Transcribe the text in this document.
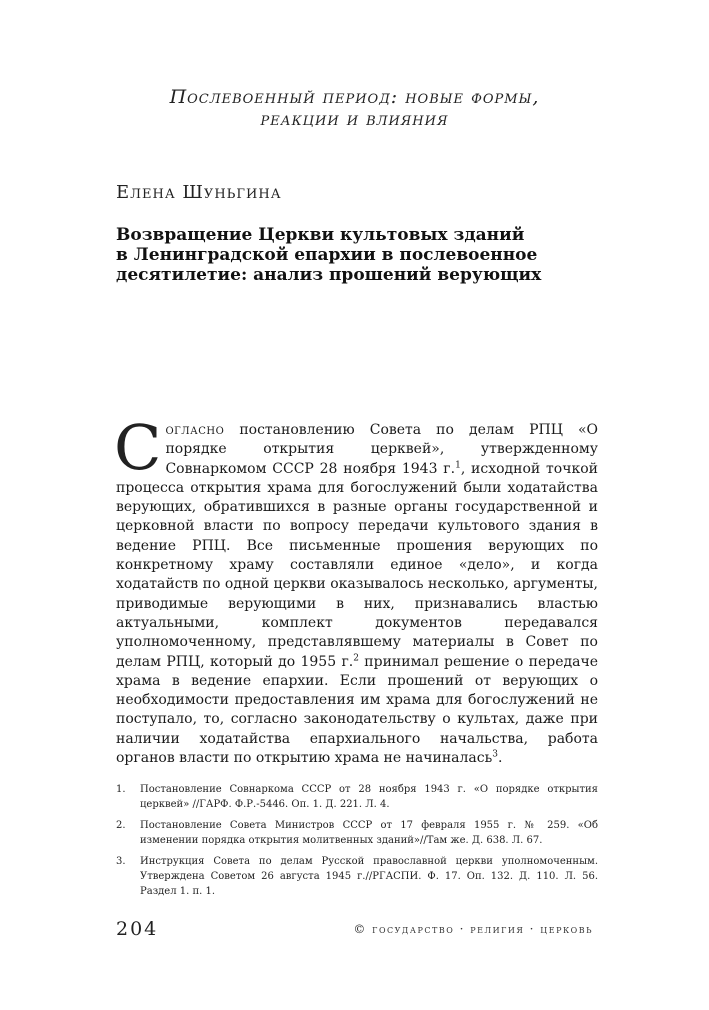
Послевоенный период: новые формы,
реакции и влияния
Елена Шуньгина
Возвращение Церкви культовых зданий
в Ленинградской епархии в послевоенное
десятилетие: анализ прошений верующих
Согласно постановлению Совета по делам РПЦ «О порядке открытия церквей», утвержденному Совнаркомом СССР 28 ноября 1943 г.$^1$, исходной точкой процесса открытия храма для богослужений были ходатайства верующих, обратившихся в разные органы государственной и церковной власти по вопросу передачи культового здания в ведение РПЦ. Все письменные прошения верующих по конкретному храму составляли единое «дело», и когда ходатайств по одной церкви оказывалось несколько, аргументы, приводимые верующими в них, признавались властью актуальными, комплект документов передавался уполномоченному, представлявшему материалы в Совет по делам РПЦ, который до 1955 г.$^2$ принимал решение о передаче храма в ведение епархии. Если прошений от верующих о необходимости предоставления им храма для богослужений не поступало, то, согласно законодательству о культах, даже при наличии ходатайства епархиального начальства, работа органов власти по открытию храма не начиналась$^3$.
1.	Постановление Совнаркома СССР от 28 ноября 1943 г. «О порядке открытия церквей» //ГАРФ. Ф.Р.-5446. Оп. 1. Д. 221. Л. 4.
2.	Постановление Совета Министров СССР от 17 февраля 1955 г. № 259. «Об изменении порядка открытия молитвенных зданий»//Там же. Д. 638. Л. 67.
3.	Инструкция Совета по делам Русской православной церкви уполномоченным. Утверждена Советом 26 августа 1945 г.//РГАСПИ. Ф. 17. Оп. 132. Д. 110. Л. 56. Раздел 1. п. 1.
204	© государство · религия · церковь
